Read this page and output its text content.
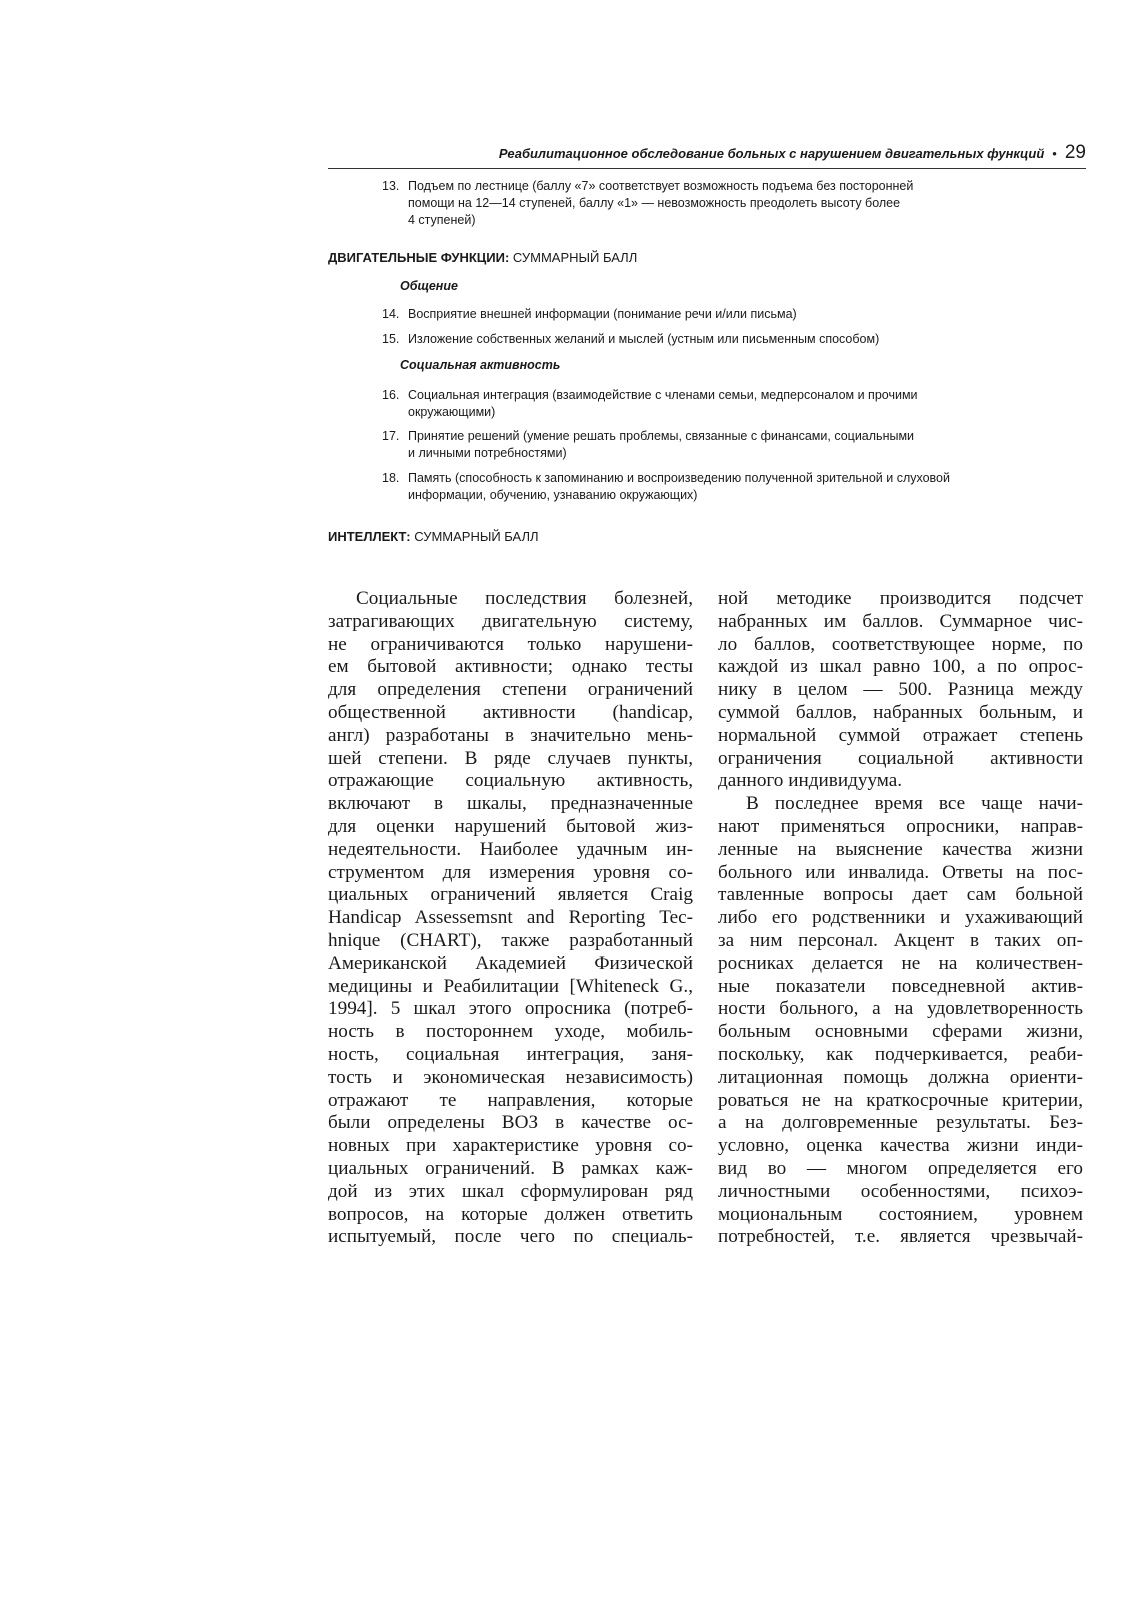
Реабилитационное обследование больных с нарушением двигательных функций • 29
13. Подъем по лестнице (баллу «7» соответствует возможность подъема без посторонней
помощи на 12—14 ступеней, баллу «1» — невозможность преодолеть высоту более
4 ступеней)
ДВИГАТЕЛЬНЫЕ ФУНКЦИИ: СУММАРНЫЙ БАЛЛ
Общение
14. Восприятие внешней информации (понимание речи и/или письма)
15. Изложение собственных желаний и мыслей (устным или письменным способом)
Социальная активность
16. Социальная интеграция (взаимодействие с членами семьи, медперсоналом и прочими
окружающими)
17. Принятие решений (умение решать проблемы, связанные с финансами, социальными
и личными потребностями)
18. Память (способность к запоминанию и воспроизведению полученной зрительной и слуховой
информации, обучению, узнаванию окружающих)
ИНТЕЛЛЕКТ: СУММАРНЫЙ БАЛЛ
Социальные последствия болезней,
затрагивающих двигательную систему,
не ограничиваются только нарушени-
ем бытовой активности; однако тесты
для определения степени ограничений
общественной активности (handicap,
англ) разработаны в значительно мень-
шей степени. В ряде случаев пункты,
отражающие социальную активность,
включают в шкалы, предназначенные
для оценки нарушений бытовой жиз-
недеятельности. Наиболее удачным ин-
струментом для измерения уровня со-
циальных ограничений является Craig
Handicap Assessemsnt and Reporting Tec-
hnique (CHART), также разработанный
Американской Академией Физической
медицины и Реабилитации [Whiteneck G.,
1994]. 5 шкал этого опросника (потреб-
ность в постороннем уходе, мобиль-
ность, социальная интеграция, заня-
тость и экономическая независимость)
отражают те направления, которые
были определены ВОЗ в качестве ос-
новных при характеристике уровня со-
циальных ограничений. В рамках каж-
дой из этих шкал сформулирован ряд
вопросов, на которые должен ответить
испытуемый, после чего по специаль-
ной методике производится подсчет
набранных им баллов. Суммарное чис-
ло баллов, соответствующее норме, по
каждой из шкал равно 100, а по опрос-
нику в целом — 500. Разница между
суммой баллов, набранных больным, и
нормальной суммой отражает степень
ограничения социальной активности
данного индивидуума.
В последнее время все чаще начи-
нают применяться опросники, направ-
ленные на выяснение качества жизни
больного или инвалида. Ответы на пос-
тавленные вопросы дает сам больной
либо его родственники и ухаживающий
за ним персонал. Акцент в таких оп-
росниках делается не на количествен-
ные показатели повседневной актив-
ности больного, а на удовлетворенность
больным основными сферами жизни,
поскольку, как подчеркивается, реаби-
литационная помощь должна ориенти-
роваться не на краткосрочные критерии,
а на долговременные результаты. Без-
условно, оценка качества жизни инди-
вид во — многом определяется его
личностными особенностями, психоэ-
моциональным состоянием, уровнем
потребностей, т.е. является чрезвычай-
